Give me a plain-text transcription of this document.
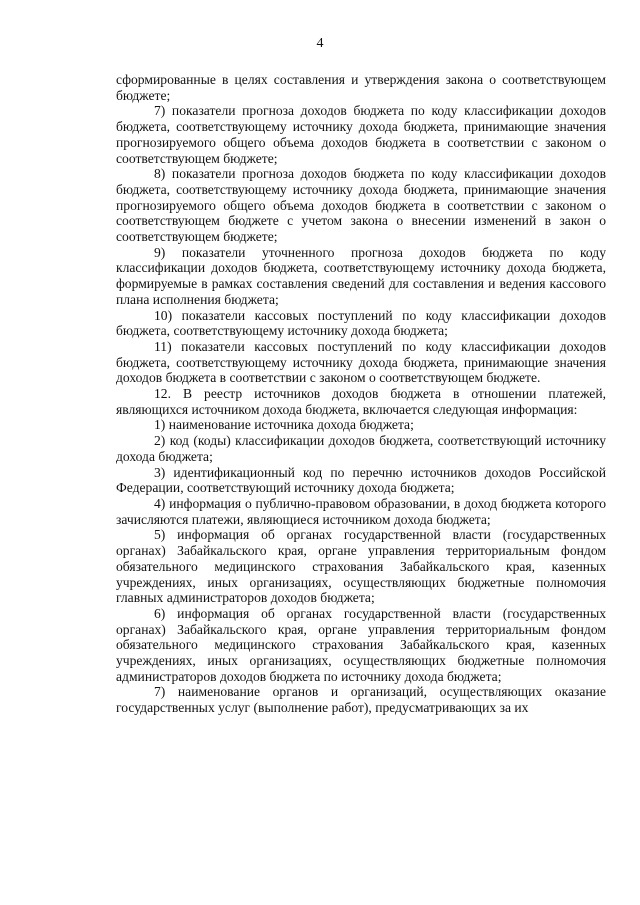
4

сформированные в целях составления и утверждения закона о соответствующем бюджете;

7) показатели прогноза доходов бюджета по коду классификации доходов бюджета, соответствующему источнику дохода бюджета, принимающие значения прогнозируемого общего объема доходов бюджета в соответствии с законом о соответствующем бюджете;

8) показатели прогноза доходов бюджета по коду классификации доходов бюджета, соответствующему источнику дохода бюджета, принимающие значения прогнозируемого общего объема доходов бюджета в соответствии с законом о соответствующем бюджете с учетом закона о внесении изменений в закон о соответствующем бюджете;

9) показатели уточненного прогноза доходов бюджета по коду классификации доходов бюджета, соответствующему источнику дохода бюджета, формируемые в рамках составления сведений для составления и ведения кассового плана исполнения бюджета;

10) показатели кассовых поступлений по коду классификации доходов бюджета, соответствующему источнику дохода бюджета;

11) показатели кассовых поступлений по коду классификации доходов бюджета, соответствующему источнику дохода бюджета, принимающие значения доходов бюджета в соответствии с законом о соответствующем бюджете.

12. В реестр источников доходов бюджета в отношении платежей, являющихся источником дохода бюджета, включается следующая информация:

1) наименование источника дохода бюджета;

2) код (коды) классификации доходов бюджета, соответствующий источнику дохода бюджета;

3) идентификационный код по перечню источников доходов Российской Федерации, соответствующий источнику дохода бюджета;

4) информация о публично-правовом образовании, в доход бюджета которого зачисляются платежи, являющиеся источником дохода бюджета;

5) информация об органах государственной власти (государственных органах) Забайкальского края, органе управления территориальным фондом обязательного медицинского страхования Забайкальского края, казенных учреждениях, иных организациях, осуществляющих бюджетные полномочия главных администраторов доходов бюджета;

6) информация об органах государственной власти (государственных органах) Забайкальского края, органе управления территориальным фондом обязательного медицинского страхования Забайкальского края, казенных учреждениях, иных организациях, осуществляющих бюджетные полномочия администраторов доходов бюджета по источнику дохода бюджета;

7) наименование органов и организаций, осуществляющих оказание государственных услуг (выполнение работ), предусматривающих за их
